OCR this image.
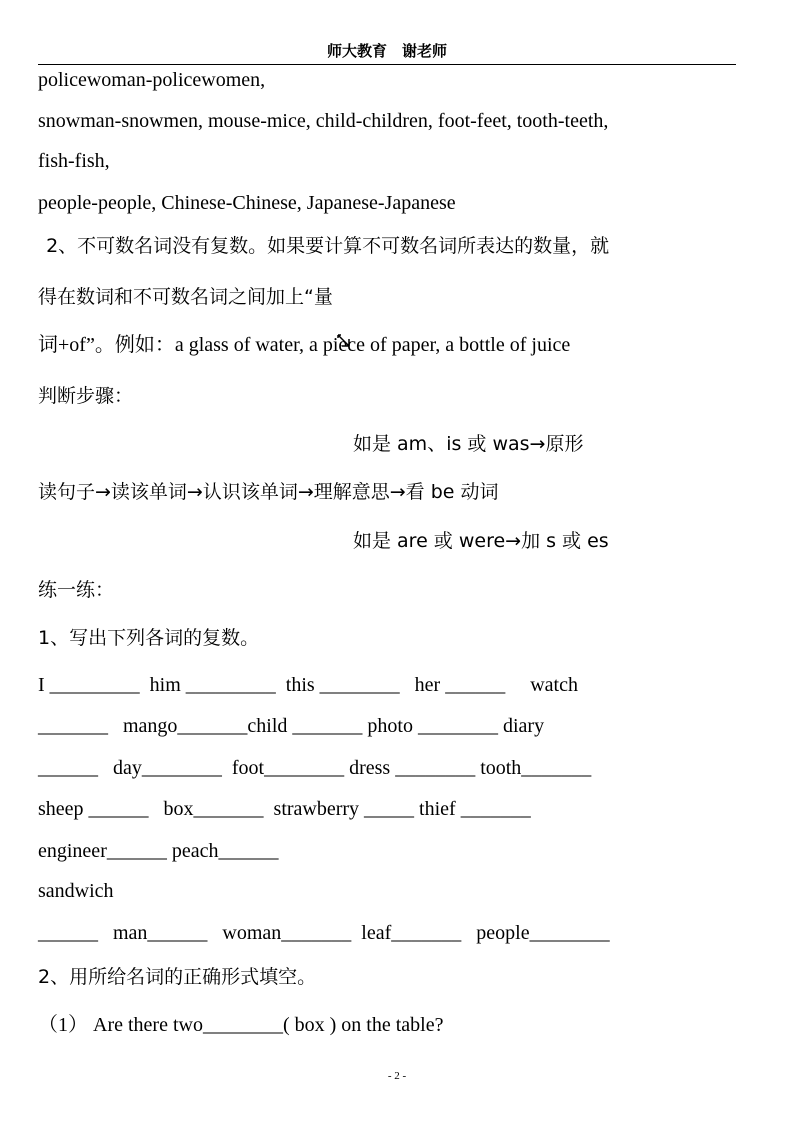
师大教育　谢老师
policewoman-policewomen,
snowman-snowmen, mouse-mice, child-children, foot-feet, tooth-teeth,
fish-fish,
people-people, Chinese-Chinese, Japanese-Japanese
2、不可数名词没有复数。如果要计算不可数名词所表达的数量，就
得在数词和不可数名词之间加上“量
词+of”。例如：a glass of water, a piece of paper, a bottle of juice
判断步骤：
如是 am、is 或 was→原形
读句子→读该单词→认识该单词→理解意思→看 be 动词
如是 are 或 were→加 s 或 es
练一练：
1、写出下列各词的复数。
I _________  him _________  this ________   her ______     watch
_______   mango_______child _______ photo ________ diary
______   day________  foot________ dress ________ tooth_______
sheep ______   box_______  strawberry _____ thief _______
engineer______ peach______
sandwich
______   man______   woman_______  leaf_______   people________
2、用所给名词的正确形式填空。
（1） Are there two________( box ) on the table?
- 2 -
